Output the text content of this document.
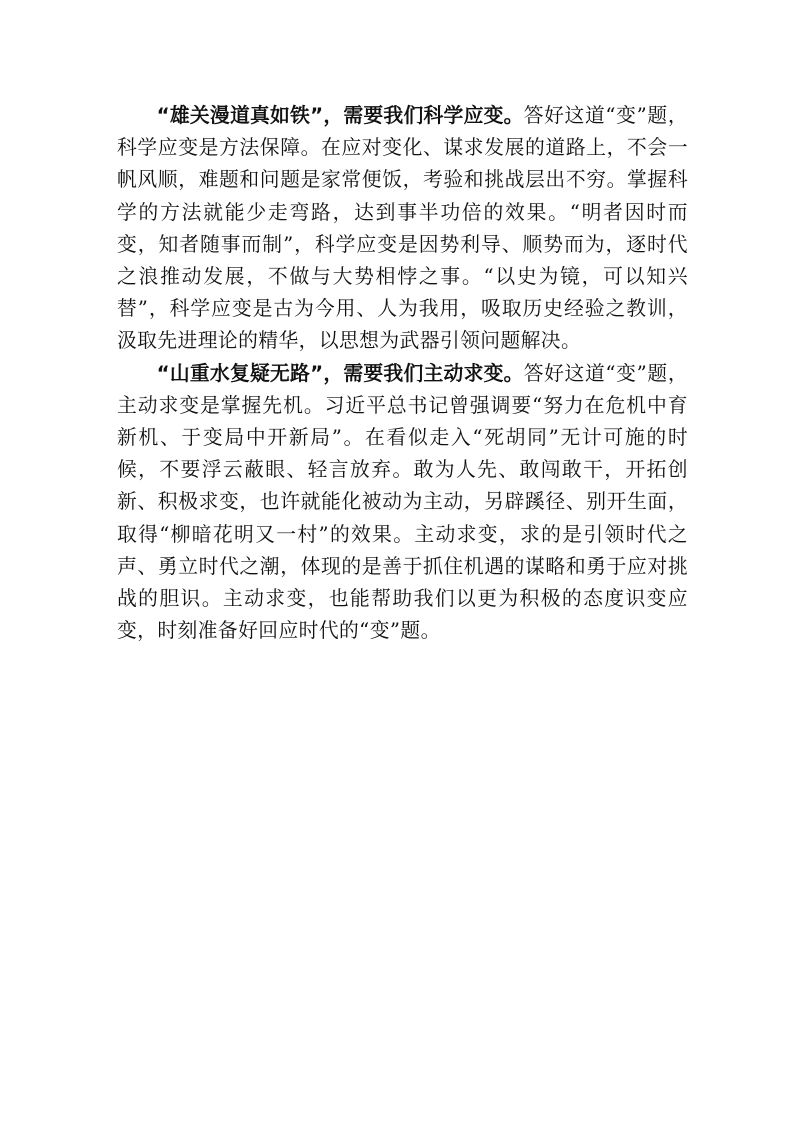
“雄关漫道真如铁”，需要我们科学应变。答好这道“变”题，科学应变是方法保障。在应对变化、谋求发展的道路上，不会一帆风顺，难题和问题是家常便饭，考验和挑战层出不穷。掌握科学的方法就能少走弯路，达到事半功倍的效果。“明者因时而变，知者随事而制”，科学应变是因势利导、顺势而为，逐时代之浪推动发展，不做与大势相悖之事。“以史为镜，可以知兴替”，科学应变是古为今用、人为我用，吸取历史经验之教训，汲取先进理论的精华，以思想为武器引领问题解决。

“山重水复疑无路”，需要我们主动求变。答好这道“变”题，主动求变是掌握先机。习近平总书记曾强调要“努力在危机中育新机、于变局中开新局”。在看似走入“死胡同”无计可施的时候，不要浮云蔽眼、轻言放弃。敢为人先、敢闯敢干，开拓创新、积极求变，也许就能化被动为主动，另辟蹊径、别开生面，取得“柳暗花明又一村”的效果。主动求变，求的是引领时代之声、勇立时代之潮，体现的是善于抓住机遇的谋略和勇于应对挑战的胆识。主动求变，也能帮助我们以更为积极的态度识变应变，时刻准备好回应时代的“变”题。
